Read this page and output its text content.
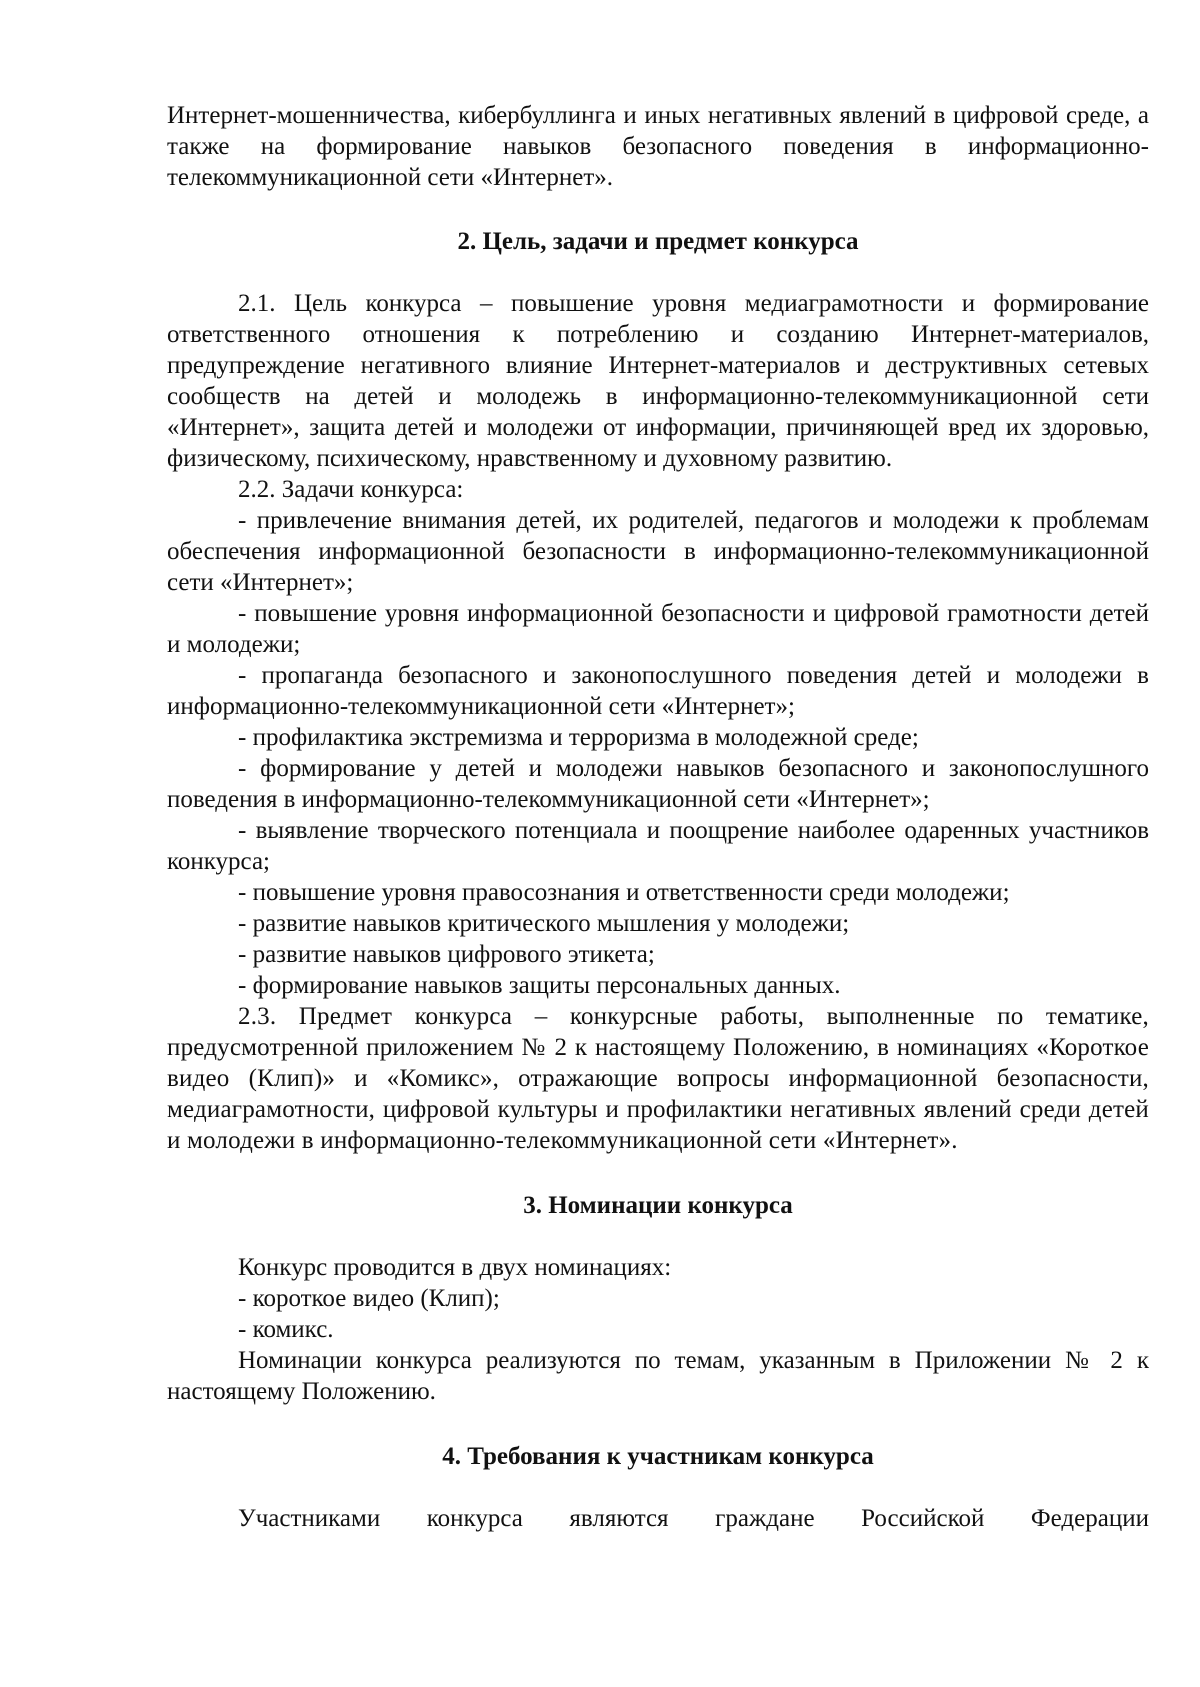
Интернет-мошенничества, кибербуллинга и иных негативных явлений в цифровой среде, а также на формирование навыков безопасного поведения в информационно-телекоммуникационной сети «Интернет».

2. Цель, задачи и предмет конкурса

2.1. Цель конкурса – повышение уровня медиаграмотности и формирование ответственного отношения к потреблению и созданию Интернет-материалов, предупреждение негативного влияние Интернет-материалов и деструктивных сетевых сообществ на детей и молодежь в информационно-телекоммуникационной сети «Интернет», защита детей и молодежи от информации, причиняющей вред их здоровью, физическому, психическому, нравственному и духовному развитию.

2.2. Задачи конкурса:

- привлечение внимания детей, их родителей, педагогов и молодежи к проблемам обеспечения информационной безопасности в информационно-телекоммуникационной сети «Интернет»;

- повышение уровня информационной безопасности и цифровой грамотности детей и молодежи;

- пропаганда безопасного и законопослушного поведения детей и молодежи в информационно-телекоммуникационной сети «Интернет»;

- профилактика экстремизма и терроризма в молодежной среде;

- формирование у детей и молодежи навыков безопасного и законопослушного поведения в информационно-телекоммуникационной сети «Интернет»;

- выявление творческого потенциала и поощрение наиболее одаренных участников конкурса;

- повышение уровня правосознания и ответственности среди молодежи;

- развитие навыков критического мышления у молодежи;

- развитие навыков цифрового этикета;

- формирование навыков защиты персональных данных.

2.3. Предмет конкурса – конкурсные работы, выполненные по тематике, предусмотренной приложением № 2 к настоящему Положению, в номинациях «Короткое видео (Клип)» и «Комикс», отражающие вопросы информационной безопасности, медиаграмотности, цифровой культуры и профилактики негативных явлений среди детей и молодежи в информационно-телекоммуникационной сети «Интернет».

3. Номинации конкурса

Конкурс проводится в двух номинациях:

- короткое видео (Клип);

- комикс.

Номинации конкурса реализуются по темам, указанным в Приложении № 2 к настоящему Положению.

4. Требования к участникам конкурса

Участниками конкурса являются граждане Российской Федерации
